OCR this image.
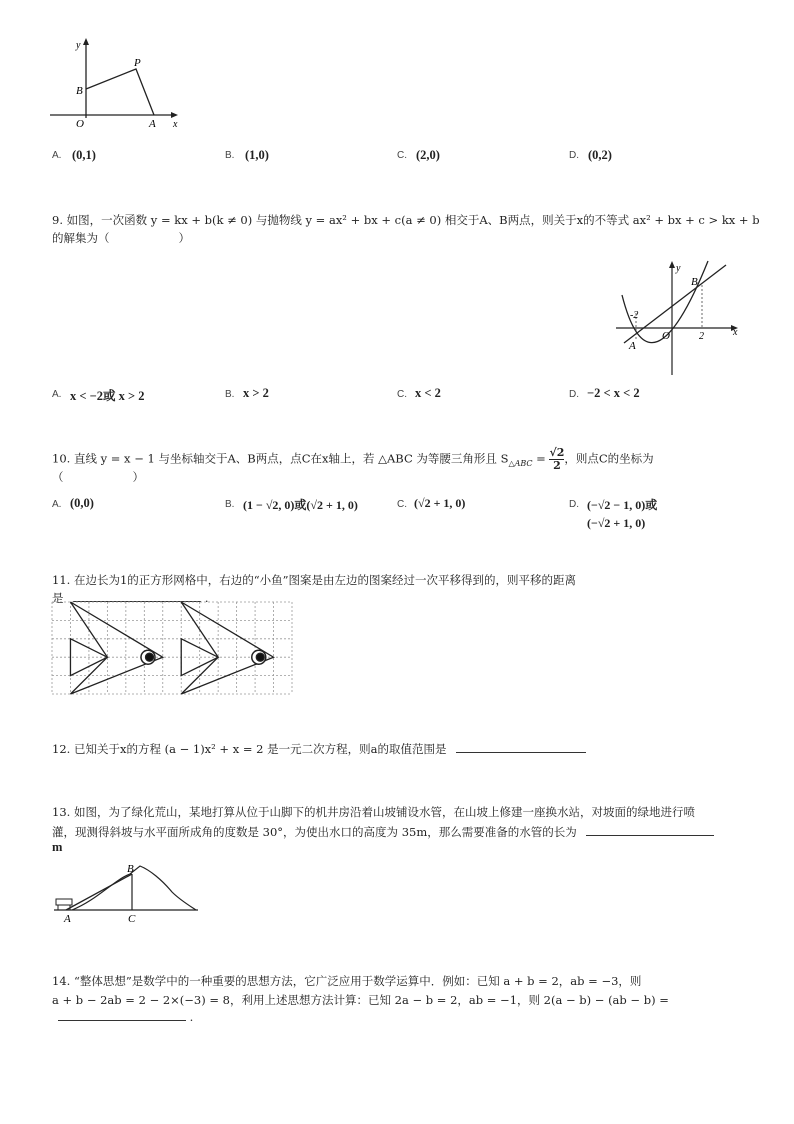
y
P
B
O	A x
A. (0,1)	B. (1,0)	C. (2,0)	D. (0,2)
9. 如图，一次函数 y = kx + b(k ≠ 0) 与抛物线 y = ax² + bx + c(a ≠ 0) 相交于A、B两点，则关于x的不等式 ax² + bx + c > kx + b
的解集为（　　　　　　）
y
B
-2
O	2	x
A
A. x < −2或 x > 2	B. x > 2	C. x < 2	D. −2 < x < 2
10. 直线 y = x − 1 与坐标轴交于A、B两点，点C在x轴上，若 △ABC 为等腰三角形且 $S_{\triangle ABC} = \frac{√2}{2}$ ，则点C的坐标为
（　　　　　　）
A. (0,0)	B. (1 − √2, 0)或(√2 + 1, 0)	C. (√2 + 1, 0)	D. (−√2 − 1, 0)或
(−√2 + 1, 0)
11. 在边长为1的正方形网格中，右边的“小鱼”图案是由左边的图案经过一次平移得到的，则平移的距离
是	.
12. 已知关于x的方程 (a − 1)x² + x = 2 是一元二次方程，则a的取值范围是
13. 如图，为了绿化荒山，某地打算从位于山脚下的机井房沿着山坡铺设水管，在山坡上修建一座换水站，对坡面的绿地进行喷
灌，现测得斜坡与水平面所成角的度数是 30°，为使出水口的高度为 35m，那么需要准备的水管的长为
m
B
A	C
14. “整体思想”是数学中的一种重要的思想方法，它广泛应用于数学运算中．例如：已知 a + b = 2，ab = −3，则
a + b − 2ab = 2 − 2×(−3) = 8，利用上述思想方法计算：已知 2a − b = 2，ab = −1，则 2(a − b) − (ab − b) =
.
